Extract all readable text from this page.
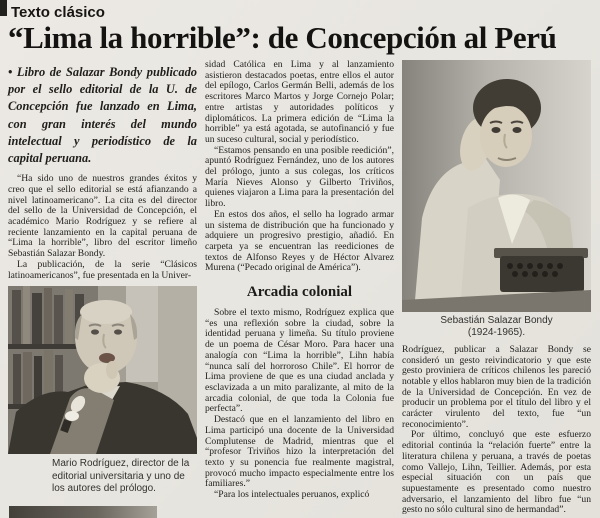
Texto clásico
“Lima la horrible”: de Concepción al Perú

• Libro de Salazar Bondy publicado por el sello editorial de la U. de Concepción fue lanzado en Lima, con gran interés del mundo intelectual y periodístico de la capital peruana.

“Ha sido uno de nuestros grandes éxitos y creo que el sello editorial se está afianzando a nivel latinoamericano”. La cita es del director del sello de la Universidad de Concepción, el académico Mario Rodríguez y se refiere al reciente lanzamiento en la capital peruana de “Lima la horrible”, libro del escritor limeño Sebastián Salazar Bondy.

La publicación, de la serie “Clásicos latinoamericanos”, fue presentada en la Univer-

Mario Rodríguez, director de la editorial universitaria y uno de los autores del prólogo.

sidad Católica en Lima y al lanzamiento asistieron destacados poetas, entre ellos el autor del epílogo, Carlos Germán Belli, además de los escritores Marco Martos y Jorge Cornejo Polar; entre artistas y autoridades políticos y diplomáticos. La primera edición de “Lima la horrible” ya está agotada, se autofinanció y fue un suceso cultural, social y periodístico.

“Estamos pensando en una posible reedición”, apuntó Rodríguez Fernández, uno de los autores del prólogo, junto a sus colegas, los críticos María Nieves Alonso y Gilberto Triviños, quienes viajaron a Lima para la presentación del libro.

En estos dos años, el sello ha logrado armar un sistema de distribución que ha funcionado y adquiere un progresivo prestigio, añadió. En carpeta ya se encuentran las reediciones de textos de Alfonso Reyes y de Héctor Alvarez Murena (“Pecado original de América”).

Arcadia colonial

Sobre el texto mismo, Rodríguez explica que “es una reflexión sobre la ciudad, sobre la identidad peruana y limeña. Su título proviene de un poema de César Moro. Para hacer una analogía con “Lima la horrible”, Lihn había “nunca salí del horroroso Chile”. El horror de Lima proviene de que es una ciudad anclada y esclavizada a un mito paralizante, al mito de la arcadia colonial, de que toda la Colonia fue perfecta”.

Destacó que en el lanzamiento del libro en Lima participó una docente de la Universidad Complutense de Madrid, mientras que el “profesor Triviños hizo la interpretación del texto y su ponencia fue realmente magistral, provocó mucho impacto especialmente entre los familiares.”

“Para los intelectuales peruanos, explicó

Sebastián Salazar Bondy
(1924-1965).

Rodríguez, publicar a Salazar Bondy se consideró un gesto reivindicatorio y que este gesto proviniera de críticos chilenos les pareció notable y ellos hablaron muy bien de la tradición de la Universidad de Concepción. En vez de producir un problema por el título del libro y el carácter virulento del texto, fue “un reconocimiento”.

Por último, concluyó que este esfuerzo editorial continúa la “relación fuerte” entre la literatura chilena y peruana, a través de poetas como Vallejo, Lihn, Teillier. Además, por esta especial situación con un país que supuestamente es presentado como nuestro adversario, el lanzamiento del libro fue “un gesto no sólo cultural sino de hermandad”.
